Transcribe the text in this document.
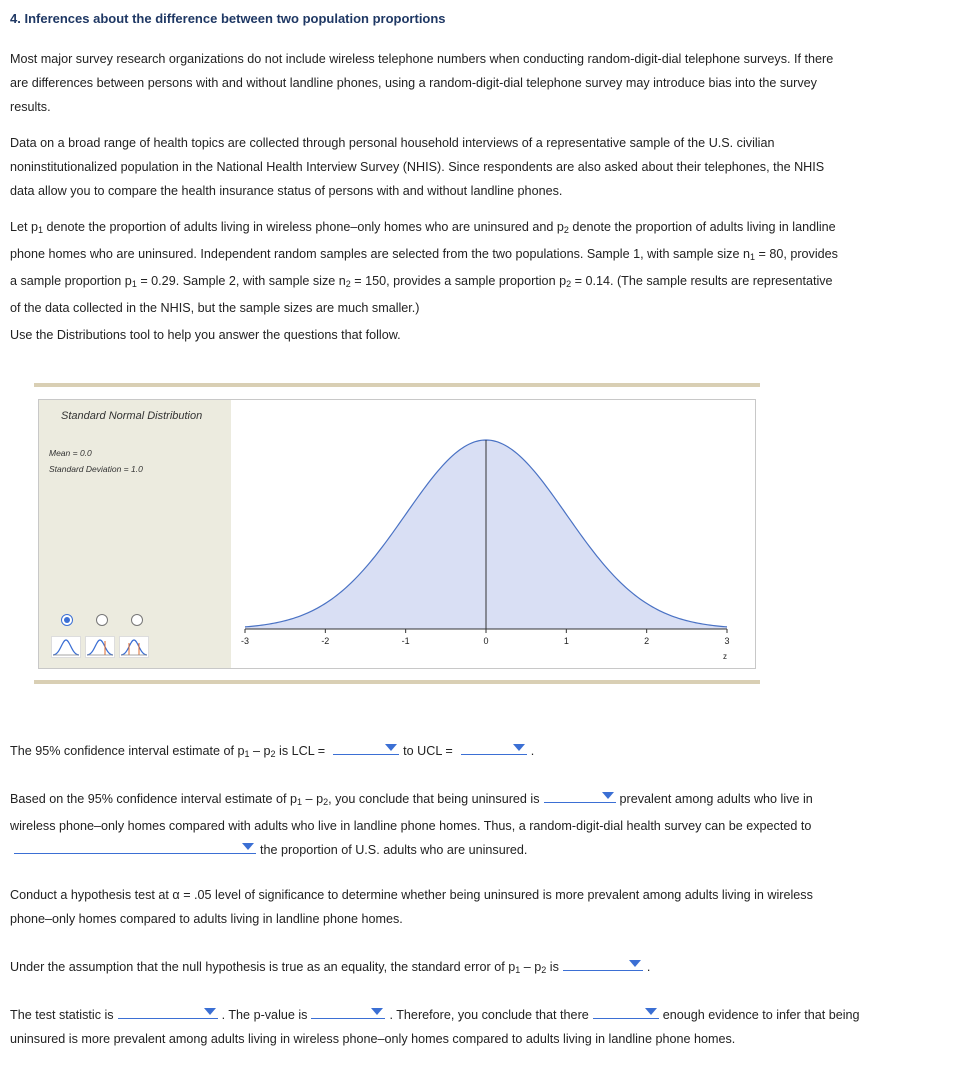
4. Inferences about the difference between two population proportions
Most major survey research organizations do not include wireless telephone numbers when conducting random-digit-dial telephone surveys. If there
are differences between persons with and without landline phones, using a random-digit-dial telephone survey may introduce bias into the survey
results.
Data on a broad range of health topics are collected through personal household interviews of a representative sample of the U.S. civilian
noninstitutionalized population in the National Health Interview Survey (NHIS). Since respondents are also asked about their telephones, the NHIS
data allow you to compare the health insurance status of persons with and without landline phones.
Let $p_1$ denote the proportion of adults living in wireless phone–only homes who are uninsured and $p_2$ denote the proportion of adults living in landline
phone homes who are uninsured. Independent random samples are selected from the two populations. Sample 1, with sample size $n_1 = 80$, provides
a sample proportion $p_1 = 0.29$. Sample 2, with sample size $n_2 = 150$, provides a sample proportion $p_2 = 0.14$. (The sample results are representative
of the data collected in the NHIS, but the sample sizes are much smaller.)
Use the Distributions tool to help you answer the questions that follow.
Standard Normal Distribution
Mean = 0.0
Standard Deviation = 1.0
-3	-2	-1	0	1	2	3
z
The 95% confidence interval estimate of $p_1 - p_2$ is LCL =	to UCL =	.
Based on the 95% confidence interval estimate of $p_1 - p_2$, you conclude that being uninsured is	prevalent among adults who live in
wireless phone–only homes compared with adults who live in landline phone homes. Thus, a random-digit-dial health survey can be expected to
the proportion of U.S. adults who are uninsured.
Conduct a hypothesis test at α = .05 level of significance to determine whether being uninsured is more prevalent among adults living in wireless
phone–only homes compared to adults living in landline phone homes.
Under the assumption that the null hypothesis is true as an equality, the standard error of $p_1 - p_2$ is	.
The test statistic is	. The p-value is	. Therefore, you conclude that there	enough evidence to infer that being
uninsured is more prevalent among adults living in wireless phone–only homes compared to adults living in landline phone homes.
